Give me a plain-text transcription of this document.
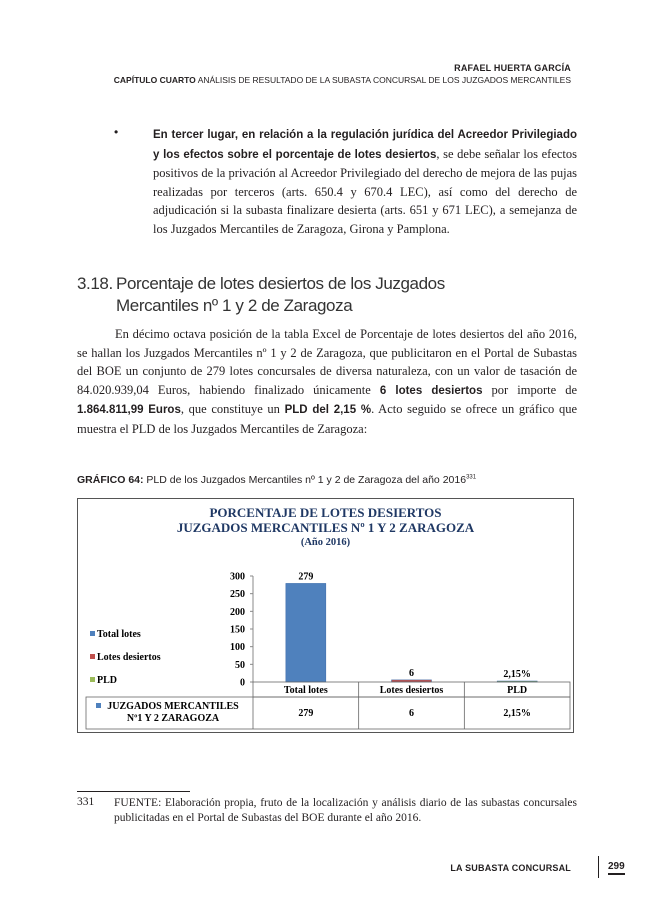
RAFAEL HUERTA GARCÍA
CAPÍTULO CUARTO ANÁLISIS DE RESULTADO DE LA SUBASTA CONCURSAL DE LOS JUZGADOS MERCANTILES
•	En tercer lugar, en relación a la regulación jurídica del Acreedor Privilegiado y los efectos sobre el porcentaje de lotes desiertos, se debe señalar los efectos positivos de la privación al Acreedor Privilegiado del derecho de mejora de las pujas realizadas por terceros (arts. 650.4 y 670.4 LEC), así como del derecho de adjudicación si la subasta finalizare desierta (arts. 651 y 671 LEC), a semejanza de los Juzgados Mercantiles de Zaragoza, Girona y Pamplona.
3.18. Porcentaje de lotes desiertos de los Juzgados
Mercantiles nº 1 y 2 de Zaragoza
En décimo octava posición de la tabla Excel de Porcentaje de lotes desiertos del año 2016, se hallan los Juzgados Mercantiles nº 1 y 2 de Zaragoza, que publicitaron en el Portal de Subastas del BOE un conjunto de 279 lotes concursales de diversa naturaleza, con un valor de tasación de 84.020.939,04 Euros, habiendo finalizado únicamente 6 lotes desiertos por importe de 1.864.811,99 Euros, que constituye un PLD del 2,15 %. Acto seguido se ofrece un gráfico que muestra el PLD de los Juzgados Mercantiles de Zaragoza:
GRÁFICO 64: PLD de los Juzgados Mercantiles nº 1 y 2 de Zaragoza del año 2016$^{331}$
PORCENTAJE DE LOTES DESIERTOS
JUZGADOS MERCANTILES Nº 1 Y 2 ZARAGOZA
(Año 2016)
0
50
100
150
200
250
300	279
6	2,15%
Total lotes	Lotes desiertos	PLD
JUZGADOS MERCANTILES
Nº1 Y 2 ZARAGOZA	279	6	2,15%
Total lotes
Lotes desiertos
PLD
331 FUENTE: Elaboración propia, fruto de la localización y análisis diario de las subastas concursales publicitadas en el Portal de Subastas del BOE durante el año 2016.
LA SUBASTA CONCURSAL	299
